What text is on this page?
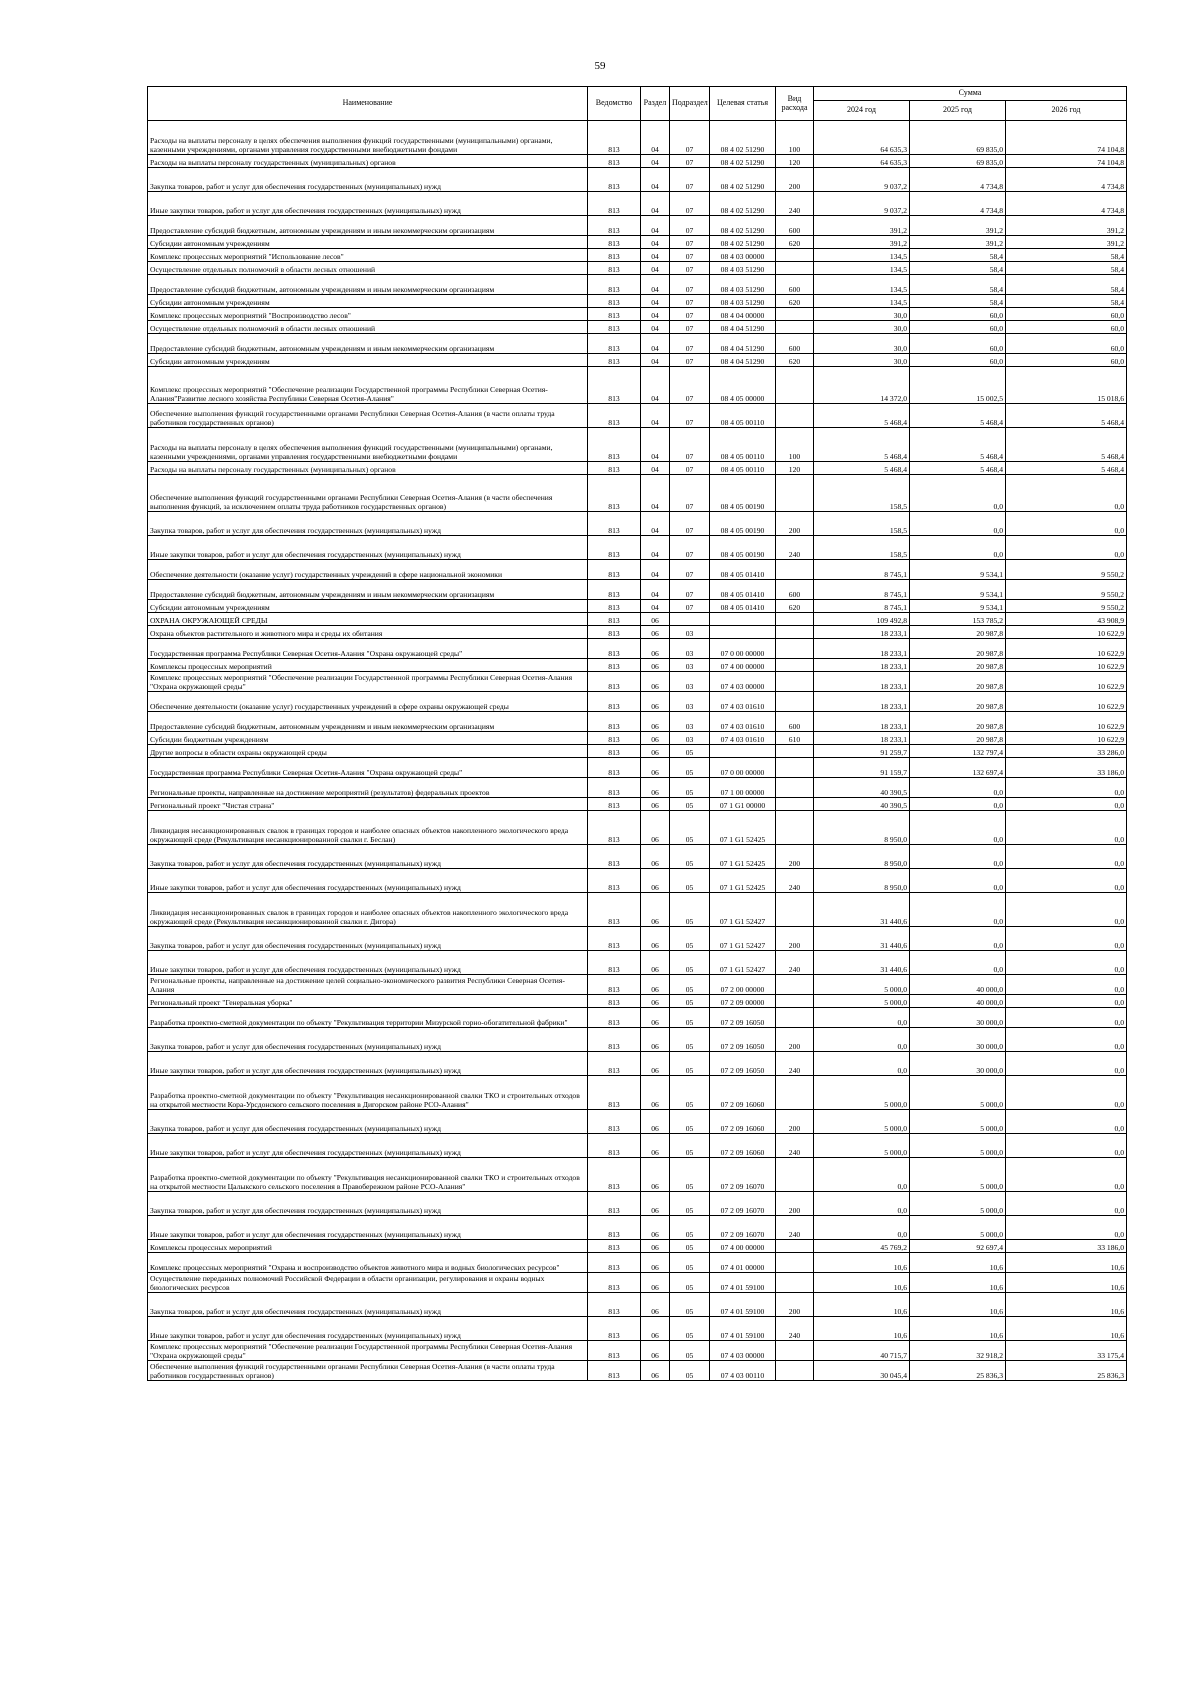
59
Наименование	Ведомство	Раздел	Подраздел	Целевая статья	Вид расхода	Сумма		
						2024 год	2025 год	2026 год
Расходы на выплаты персоналу в целях обеспечения выполнения функций государственными (муниципальными) органами, казенными учреждениями, органами управления государственными внебюджетными фондами	813	04	07	08 4 02 51290	100	64 635,3	69 835,0	74 104,8
Расходы на выплаты персоналу государственных (муниципальных) органов	813	04	07	08 4 02 51290	120	64 635,3	69 835,0	74 104,8
Закупка товаров, работ и услуг для обеспечения государственных (муниципальных) нужд	813	04	07	08 4 02 51290	200	9 037,2	4 734,8	4 734,8
Иные закупки товаров, работ и услуг для обеспечения государственных (муниципальных) нужд	813	04	07	08 4 02 51290	240	9 037,2	4 734,8	4 734,8
Предоставление субсидий бюджетным, автономным учреждениям и иным некоммерческим организациям	813	04	07	08 4 02 51290	600	391,2	391,2	391,2
Субсидии автономным учреждениям	813	04	07	08 4 02 51290	620	391,2	391,2	391,2
Комплекс процессных мероприятий "Использование лесов"	813	04	07	08 4 03 00000		134,5	58,4	58,4
Осуществление отдельных полномочий в области лесных отношений	813	04	07	08 4 03 51290		134,5	58,4	58,4
Предоставление субсидий бюджетным, автономным учреждениям и иным некоммерческим организациям	813	04	07	08 4 03 51290	600	134,5	58,4	58,4
Субсидии автономным учреждениям	813	04	07	08 4 03 51290	620	134,5	58,4	58,4
Комплекс процессных мероприятий "Воспроизводство лесов"	813	04	07	08 4 04 00000		30,0	60,0	60,0
Осуществление отдельных полномочий в области лесных отношений	813	04	07	08 4 04 51290		30,0	60,0	60,0
Предоставление субсидий бюджетным, автономным учреждениям и иным некоммерческим организациям	813	04	07	08 4 04 51290	600	30,0	60,0	60,0
Субсидии автономным учреждениям	813	04	07	08 4 04 51290	620	30,0	60,0	60,0
Комплекс процессных мероприятий "Обеспечение реализации Государственной программы Республики Северная Осетия-Алания"Развитие лесного хозяйства Республики Северная Осетия-Алания"	813	04	07	08 4 05 00000		14 372,0	15 002,5	15 018,6
Обеспечение выполнения функций государственными органами Республики Северная Осетия-Алания (в части оплаты труда работников государственных органов)	813	04	07	08 4 05 00110		5 468,4	5 468,4	5 468,4
Расходы на выплаты персоналу в целях обеспечения выполнения функций государственными (муниципальными) органами, казенными учреждениями, органами управления государственными внебюджетными фондами	813	04	07	08 4 05 00110	100	5 468,4	5 468,4	5 468,4
Расходы на выплаты персоналу государственных (муниципальных) органов	813	04	07	08 4 05 00110	120	5 468,4	5 468,4	5 468,4
Обеспечение выполнения функций государственными органами Республики Северная Осетия-Алания (в части обеспечения выполнения функций, за исключением оплаты труда работников государственных органов)	813	04	07	08 4 05 00190		158,5	0,0	0,0
Закупка товаров, работ и услуг для обеспечения государственных (муниципальных) нужд	813	04	07	08 4 05 00190	200	158,5	0,0	0,0
Иные закупки товаров, работ и услуг для обеспечения государственных (муниципальных) нужд	813	04	07	08 4 05 00190	240	158,5	0,0	0,0
Обеспечение деятельности (оказание услуг) государственных учреждений в сфере национальной экономики	813	04	07	08 4 05 01410		8 745,1	9 534,1	9 550,2
Предоставление субсидий бюджетным, автономным учреждениям и иным некоммерческим организациям	813	04	07	08 4 05 01410	600	8 745,1	9 534,1	9 550,2
Субсидии автономным учреждениям	813	04	07	08 4 05 01410	620	8 745,1	9 534,1	9 550,2
ОХРАНА ОКРУЖАЮЩЕЙ СРЕДЫ	813	06				109 492,8	153 785,2	43 908,9
Охрана объектов растительного и животного мира и среды их обитания	813	06	03			18 233,1	20 987,8	10 622,9
Государственная программа Республики Северная Осетия-Алания "Охрана окружающей среды"	813	06	03	07 0 00 00000		18 233,1	20 987,8	10 622,9
Комплексы процессных мероприятий	813	06	03	07 4 00 00000		18 233,1	20 987,8	10 622,9
Комплекс процессных мероприятий "Обеспечение реализации Государственной программы Республики Северная Осетия-Алания "Охрана окружающей среды"	813	06	03	07 4 03 00000		18 233,1	20 987,8	10 622,9
Обеспечение деятельности (оказание услуг) государственных учреждений в сфере охраны окружающей среды	813	06	03	07 4 03 01610		18 233,1	20 987,8	10 622,9
Предоставление субсидий бюджетным, автономным учреждениям и иным некоммерческим организациям	813	06	03	07 4 03 01610	600	18 233,1	20 987,8	10 622,9
Субсидии бюджетным учреждениям	813	06	03	07 4 03 01610	610	18 233,1	20 987,8	10 622,9
Другие вопросы в области охраны окружающей среды	813	06	05			91 259,7	132 797,4	33 286,0
Государственная программа Республики Северная Осетия-Алания "Охрана окружающей среды"	813	06	05	07 0 00 00000		91 159,7	132 697,4	33 186,0
Региональные проекты, направленные на достижение мероприятий (результатов) федеральных проектов	813	06	05	07 1 00 00000		40 390,5	0,0	0,0
Региональный проект "Чистая страна"	813	06	05	07 1 G1 00000		40 390,5	0,0	0,0
Ликвидация несанкционированных свалок в границах городов и наиболее опасных объектов накопленного экологического вреда окружающей среде (Рекультивация несанкционированной свалки г. Беслан)	813	06	05	07 1 G1 52425		8 950,0	0,0	0,0
Закупка товаров, работ и услуг для обеспечения государственных (муниципальных) нужд	813	06	05	07 1 G1 52425	200	8 950,0	0,0	0,0
Иные закупки товаров, работ и услуг для обеспечения государственных (муниципальных) нужд	813	06	05	07 1 G1 52425	240	8 950,0	0,0	0,0
Ликвидация несанкционированных свалок в границах городов и наиболее опасных объектов накопленного экологического вреда окружающей среде (Рекультивация несанкционированной свалки г. Дигора)	813	06	05	07 1 G1 52427		31 440,6	0,0	0,0
Закупка товаров, работ и услуг для обеспечения государственных (муниципальных) нужд	813	06	05	07 1 G1 52427	200	31 440,6	0,0	0,0
Иные закупки товаров, работ и услуг для обеспечения государственных (муниципальных) нужд	813	06	05	07 1 G1 52427	240	31 440,6	0,0	0,0
Региональные проекты, направленные на достижение целей социально-экономического развития Республики Северная Осетия-Алания	813	06	05	07 2 00 00000		5 000,0	40 000,0	0,0
Региональный проект "Генеральная уборка"	813	06	05	07 2 09 00000		5 000,0	40 000,0	0,0
Разработка проектно-сметной документации по объекту "Рекультивация территории Мизурской горно-обогатительной фабрики"	813	06	05	07 2 09 16050		0,0	30 000,0	0,0
Закупка товаров, работ и услуг для обеспечения государственных (муниципальных) нужд	813	06	05	07 2 09 16050	200	0,0	30 000,0	0,0
Иные закупки товаров, работ и услуг для обеспечения государственных (муниципальных) нужд	813	06	05	07 2 09 16050	240	0,0	30 000,0	0,0
Разработка проектно-сметной документации по объекту "Рекультивация несанкционированной свалки ТКО и строительных отходов на открытой местности Кора-Урсдонского сельского поселения в Дигорском районе РСО-Алания"	813	06	05	07 2 09 16060		5 000,0	5 000,0	0,0
Закупка товаров, работ и услуг для обеспечения государственных (муниципальных) нужд	813	06	05	07 2 09 16060	200	5 000,0	5 000,0	0,0
Иные закупки товаров, работ и услуг для обеспечения государственных (муниципальных) нужд	813	06	05	07 2 09 16060	240	5 000,0	5 000,0	0,0
Разработка проектно-сметной документации по объекту "Рекультивация несанкционированной свалки ТКО и строительных отходов на открытой местности Цалыкского сельского поселения в Правобережном районе РСО-Алания"	813	06	05	07 2 09 16070		0,0	5 000,0	0,0
Закупка товаров, работ и услуг для обеспечения государственных (муниципальных) нужд	813	06	05	07 2 09 16070	200	0,0	5 000,0	0,0
Иные закупки товаров, работ и услуг для обеспечения государственных (муниципальных) нужд	813	06	05	07 2 09 16070	240	0,0	5 000,0	0,0
Комплексы процессных мероприятий	813	06	05	07 4 00 00000		45 769,2	92 697,4	33 186,0
Комплекс процессных мероприятий "Охрана и воспроизводство объектов животного мира и водных биологических ресурсов"	813	06	05	07 4 01 00000		10,6	10,6	10,6
Осуществление переданных полномочий Российской Федерации в области организации, регулирования и охраны водных биологических ресурсов	813	06	05	07 4 01 59100		10,6	10,6	10,6
Закупка товаров, работ и услуг для обеспечения государственных (муниципальных) нужд	813	06	05	07 4 01 59100	200	10,6	10,6	10,6
Иные закупки товаров, работ и услуг для обеспечения государственных (муниципальных) нужд	813	06	05	07 4 01 59100	240	10,6	10,6	10,6
Комплекс процессных мероприятий "Обеспечение реализации Государственной программы Республики Северная Осетия-Алания "Охрана окружающей среды"	813	06	05	07 4 03 00000		40 715,7	32 918,2	33 175,4
Обеспечение выполнения функций государственными органами Республики Северная Осетия-Алания (в части оплаты труда работников государственных органов)	813	06	05	07 4 03 00110		30 045,4	25 836,3	25 836,3
